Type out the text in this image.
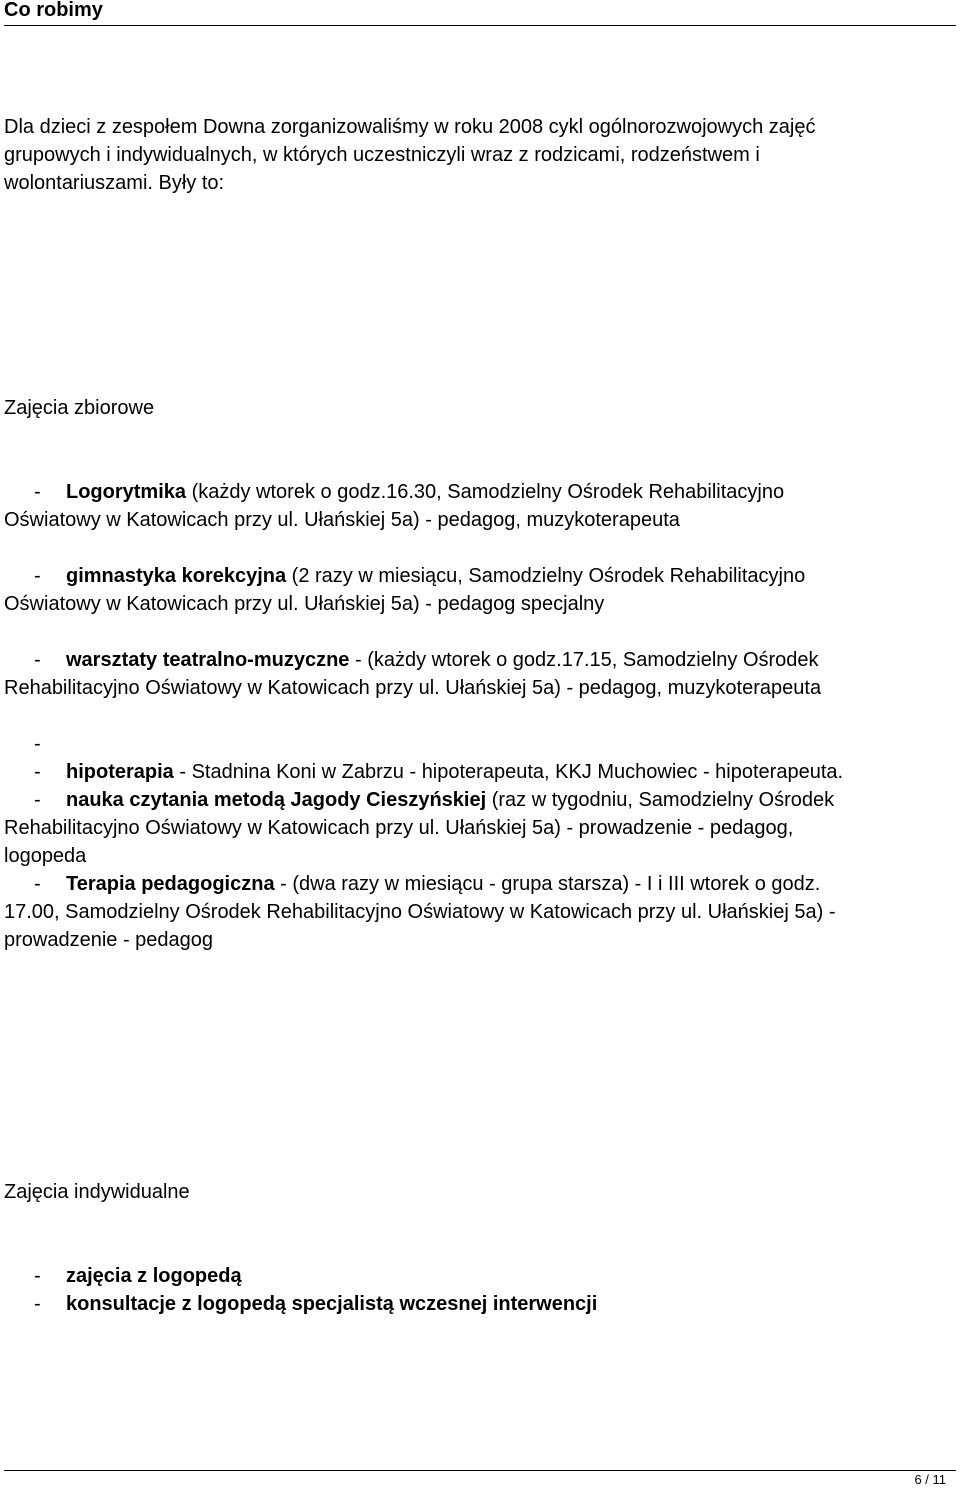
Co robimy
Dla dzieci z zespołem Downa zorganizowaliśmy w roku 2008 cykl ogólnorozwojowych zajęć
grupowych i indywidualnych, w których uczestniczyli wraz z rodzicami, rodzeństwem i
wolontariuszami. Były to:
Zajęcia zbiorowe
- Logorytmika (każdy wtorek o godz.16.30, Samodzielny Ośrodek Rehabilitacyjno
Oświatowy w Katowicach przy ul. Ułańskiej 5a) - pedagog, muzykoterapeuta
- gimnastyka korekcyjna (2 razy w miesiącu, Samodzielny Ośrodek Rehabilitacyjno
Oświatowy w Katowicach przy ul. Ułańskiej 5a) - pedagog specjalny
- warsztaty teatralno-muzyczne - (każdy wtorek o godz.17.15, Samodzielny Ośrodek
Rehabilitacyjno Oświatowy w Katowicach przy ul. Ułańskiej 5a) - pedagog, muzykoterapeuta
-
- hipoterapia - Stadnina Koni w Zabrzu - hipoterapeuta, KKJ Muchowiec - hipoterapeuta.
- nauka czytania metodą Jagody Cieszyńskiej (raz w tygodniu, Samodzielny Ośrodek
Rehabilitacyjno Oświatowy w Katowicach przy ul. Ułańskiej 5a) - prowadzenie - pedagog,
logopeda
- Terapia pedagogiczna - (dwa razy w miesiącu - grupa starsza) - I i III wtorek o godz.
17.00, Samodzielny Ośrodek Rehabilitacyjno Oświatowy w Katowicach przy ul. Ułańskiej 5a) -
prowadzenie - pedagog
Zajęcia indywidualne
- zajęcia z logopedą
- konsultacje z logopedą specjalistą wczesnej interwencji
6 / 11
